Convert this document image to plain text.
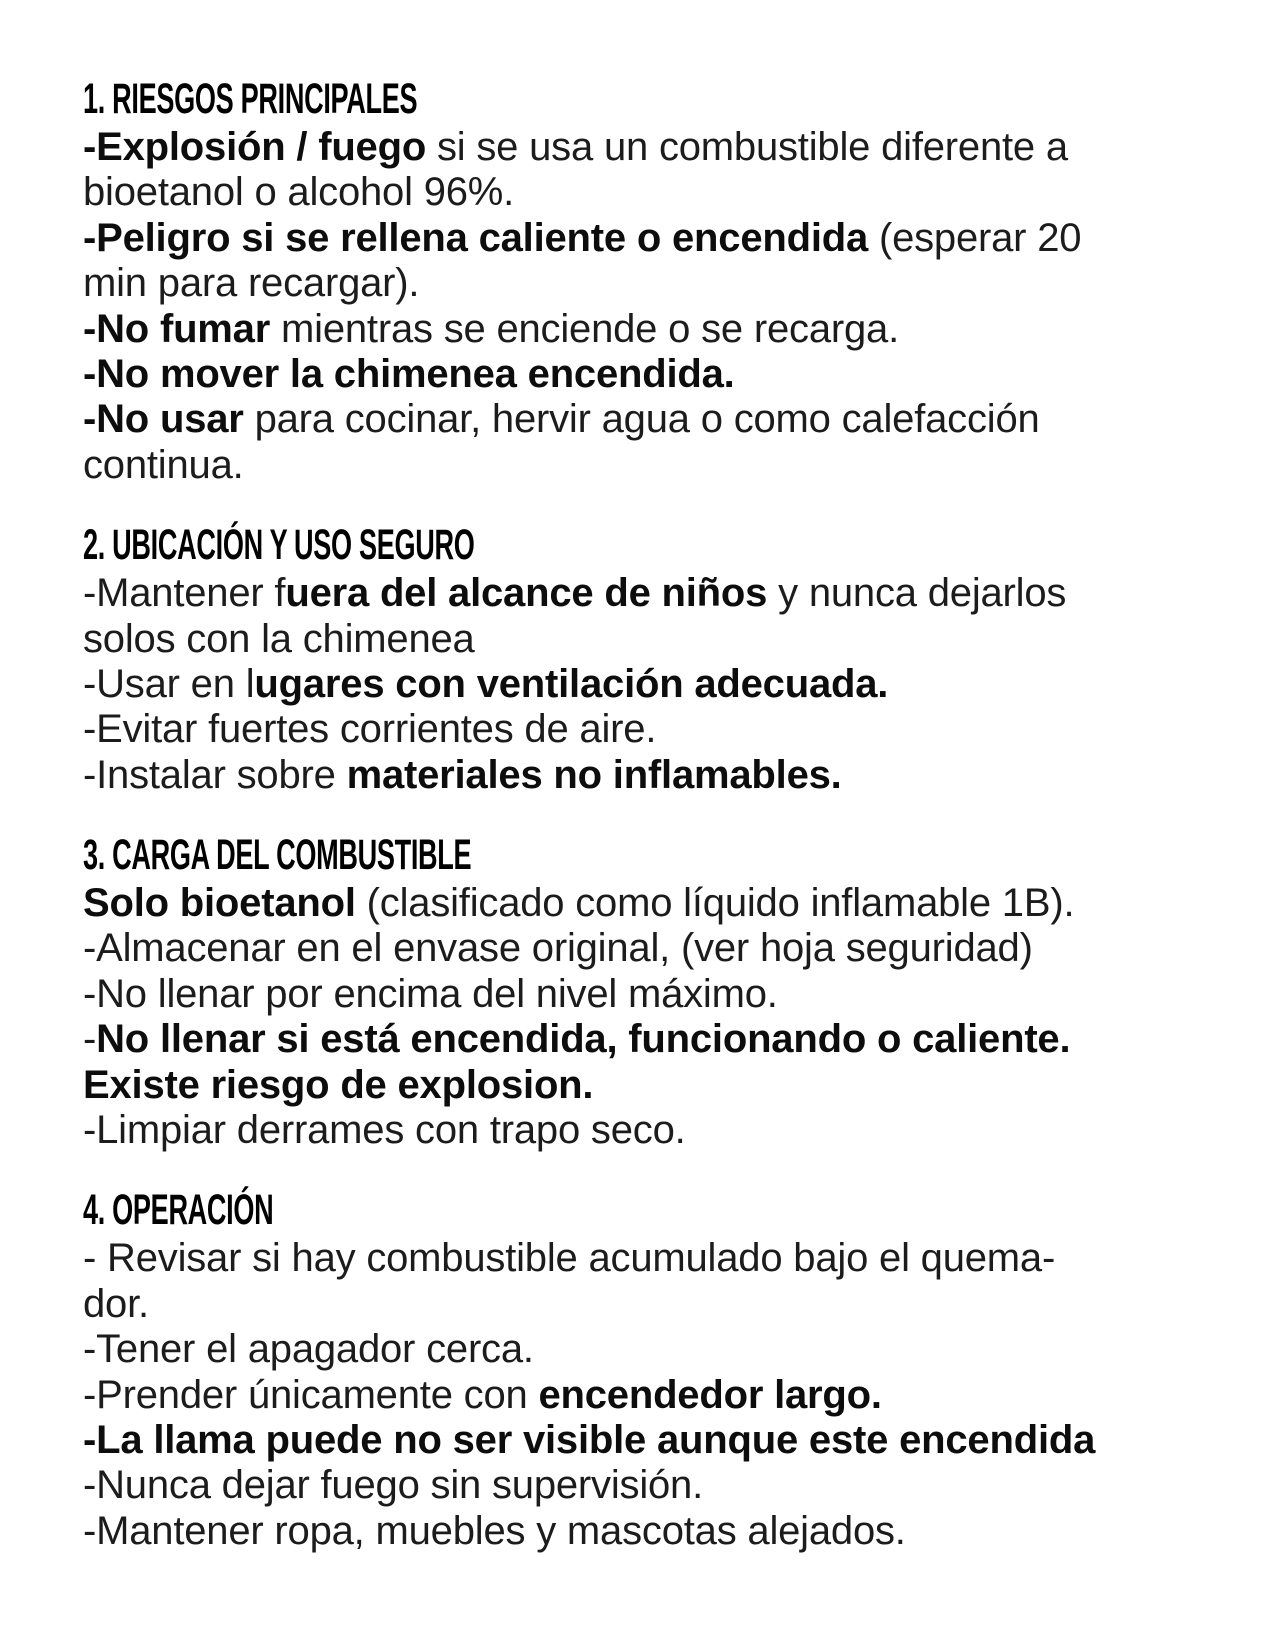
1. RIESGOS PRINCIPALES
-Explosión / fuego si se usa un combustible diferente a
bioetanol o alcohol 96%.
-Peligro si se rellena caliente o encendida (esperar 20
min para recargar).
-No fumar mientras se enciende o se recarga.
-No mover la chimenea encendida.
-No usar para cocinar, hervir agua o como calefacción
continua.
2. UBICACIÓN Y USO SEGURO
-Mantener fuera del alcance de niños y nunca dejarlos
solos con la chimenea
-Usar en lugares con ventilación adecuada.
-Evitar fuertes corrientes de aire.
-Instalar sobre materiales no inflamables.
3. CARGA DEL COMBUSTIBLE
Solo bioetanol (clasificado como líquido inflamable 1B).
-Almacenar en el envase original, (ver hoja seguridad)
-No llenar por encima del nivel máximo.
-No llenar si está encendida, funcionando o caliente.
Existe riesgo de explosion.
-Limpiar derrames con trapo seco.
4. OPERACIÓN
- Revisar si hay combustible acumulado bajo el quema-
dor.
-Tener el apagador cerca.
-Prender únicamente con encendedor largo.
-La llama puede no ser visible aunque este encendida
-Nunca dejar fuego sin supervisión.
-Mantener ropa, muebles y mascotas alejados.
